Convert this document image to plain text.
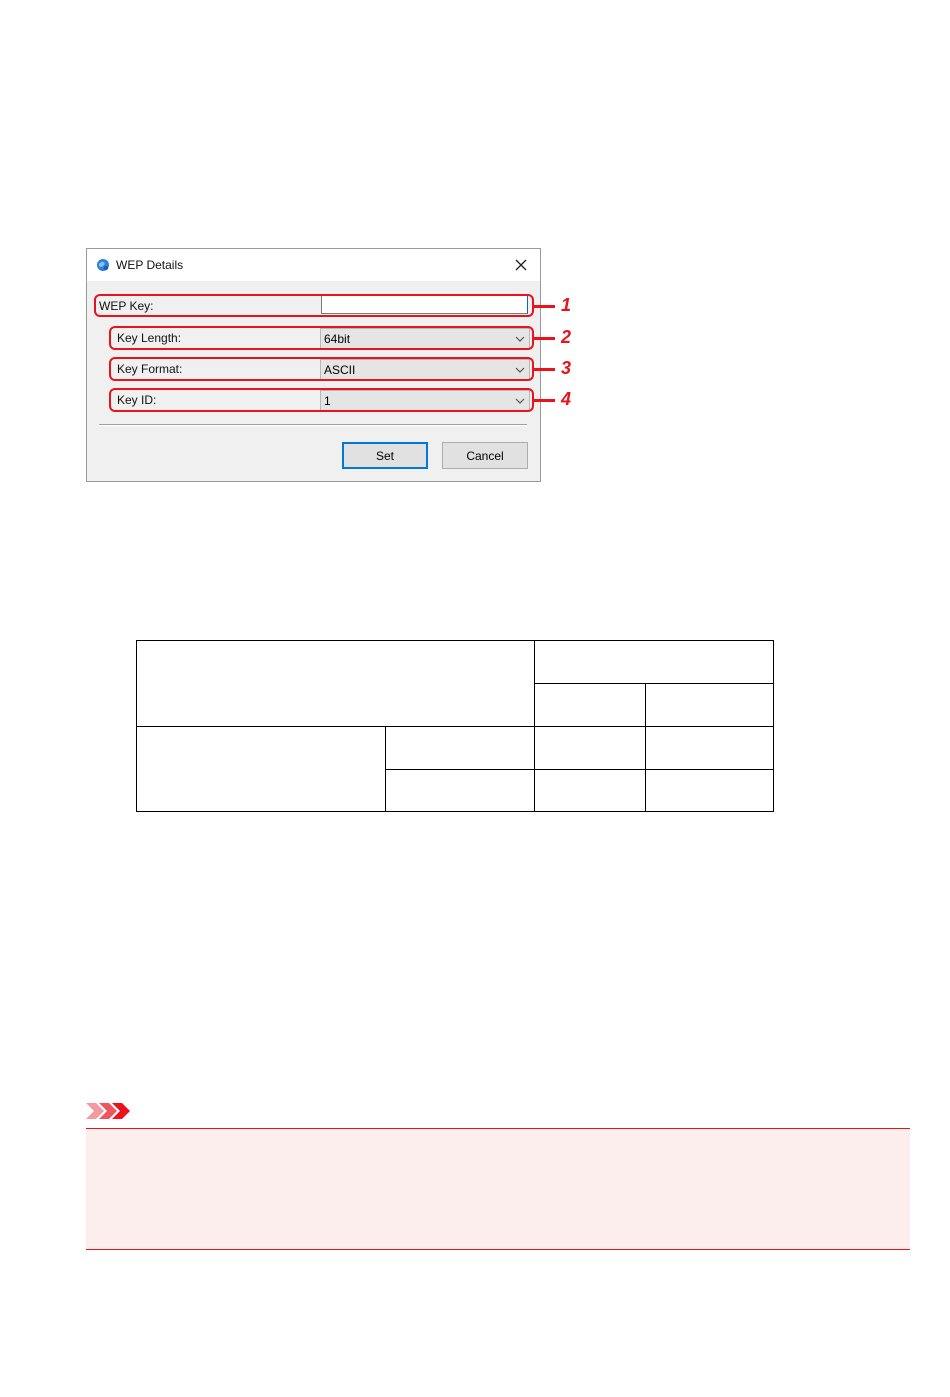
WEP Details
WEP Key:
Key Length:	64bit
Key Format:	ASCII
Key ID:	1
Set	Cancel
1
2
3
4
